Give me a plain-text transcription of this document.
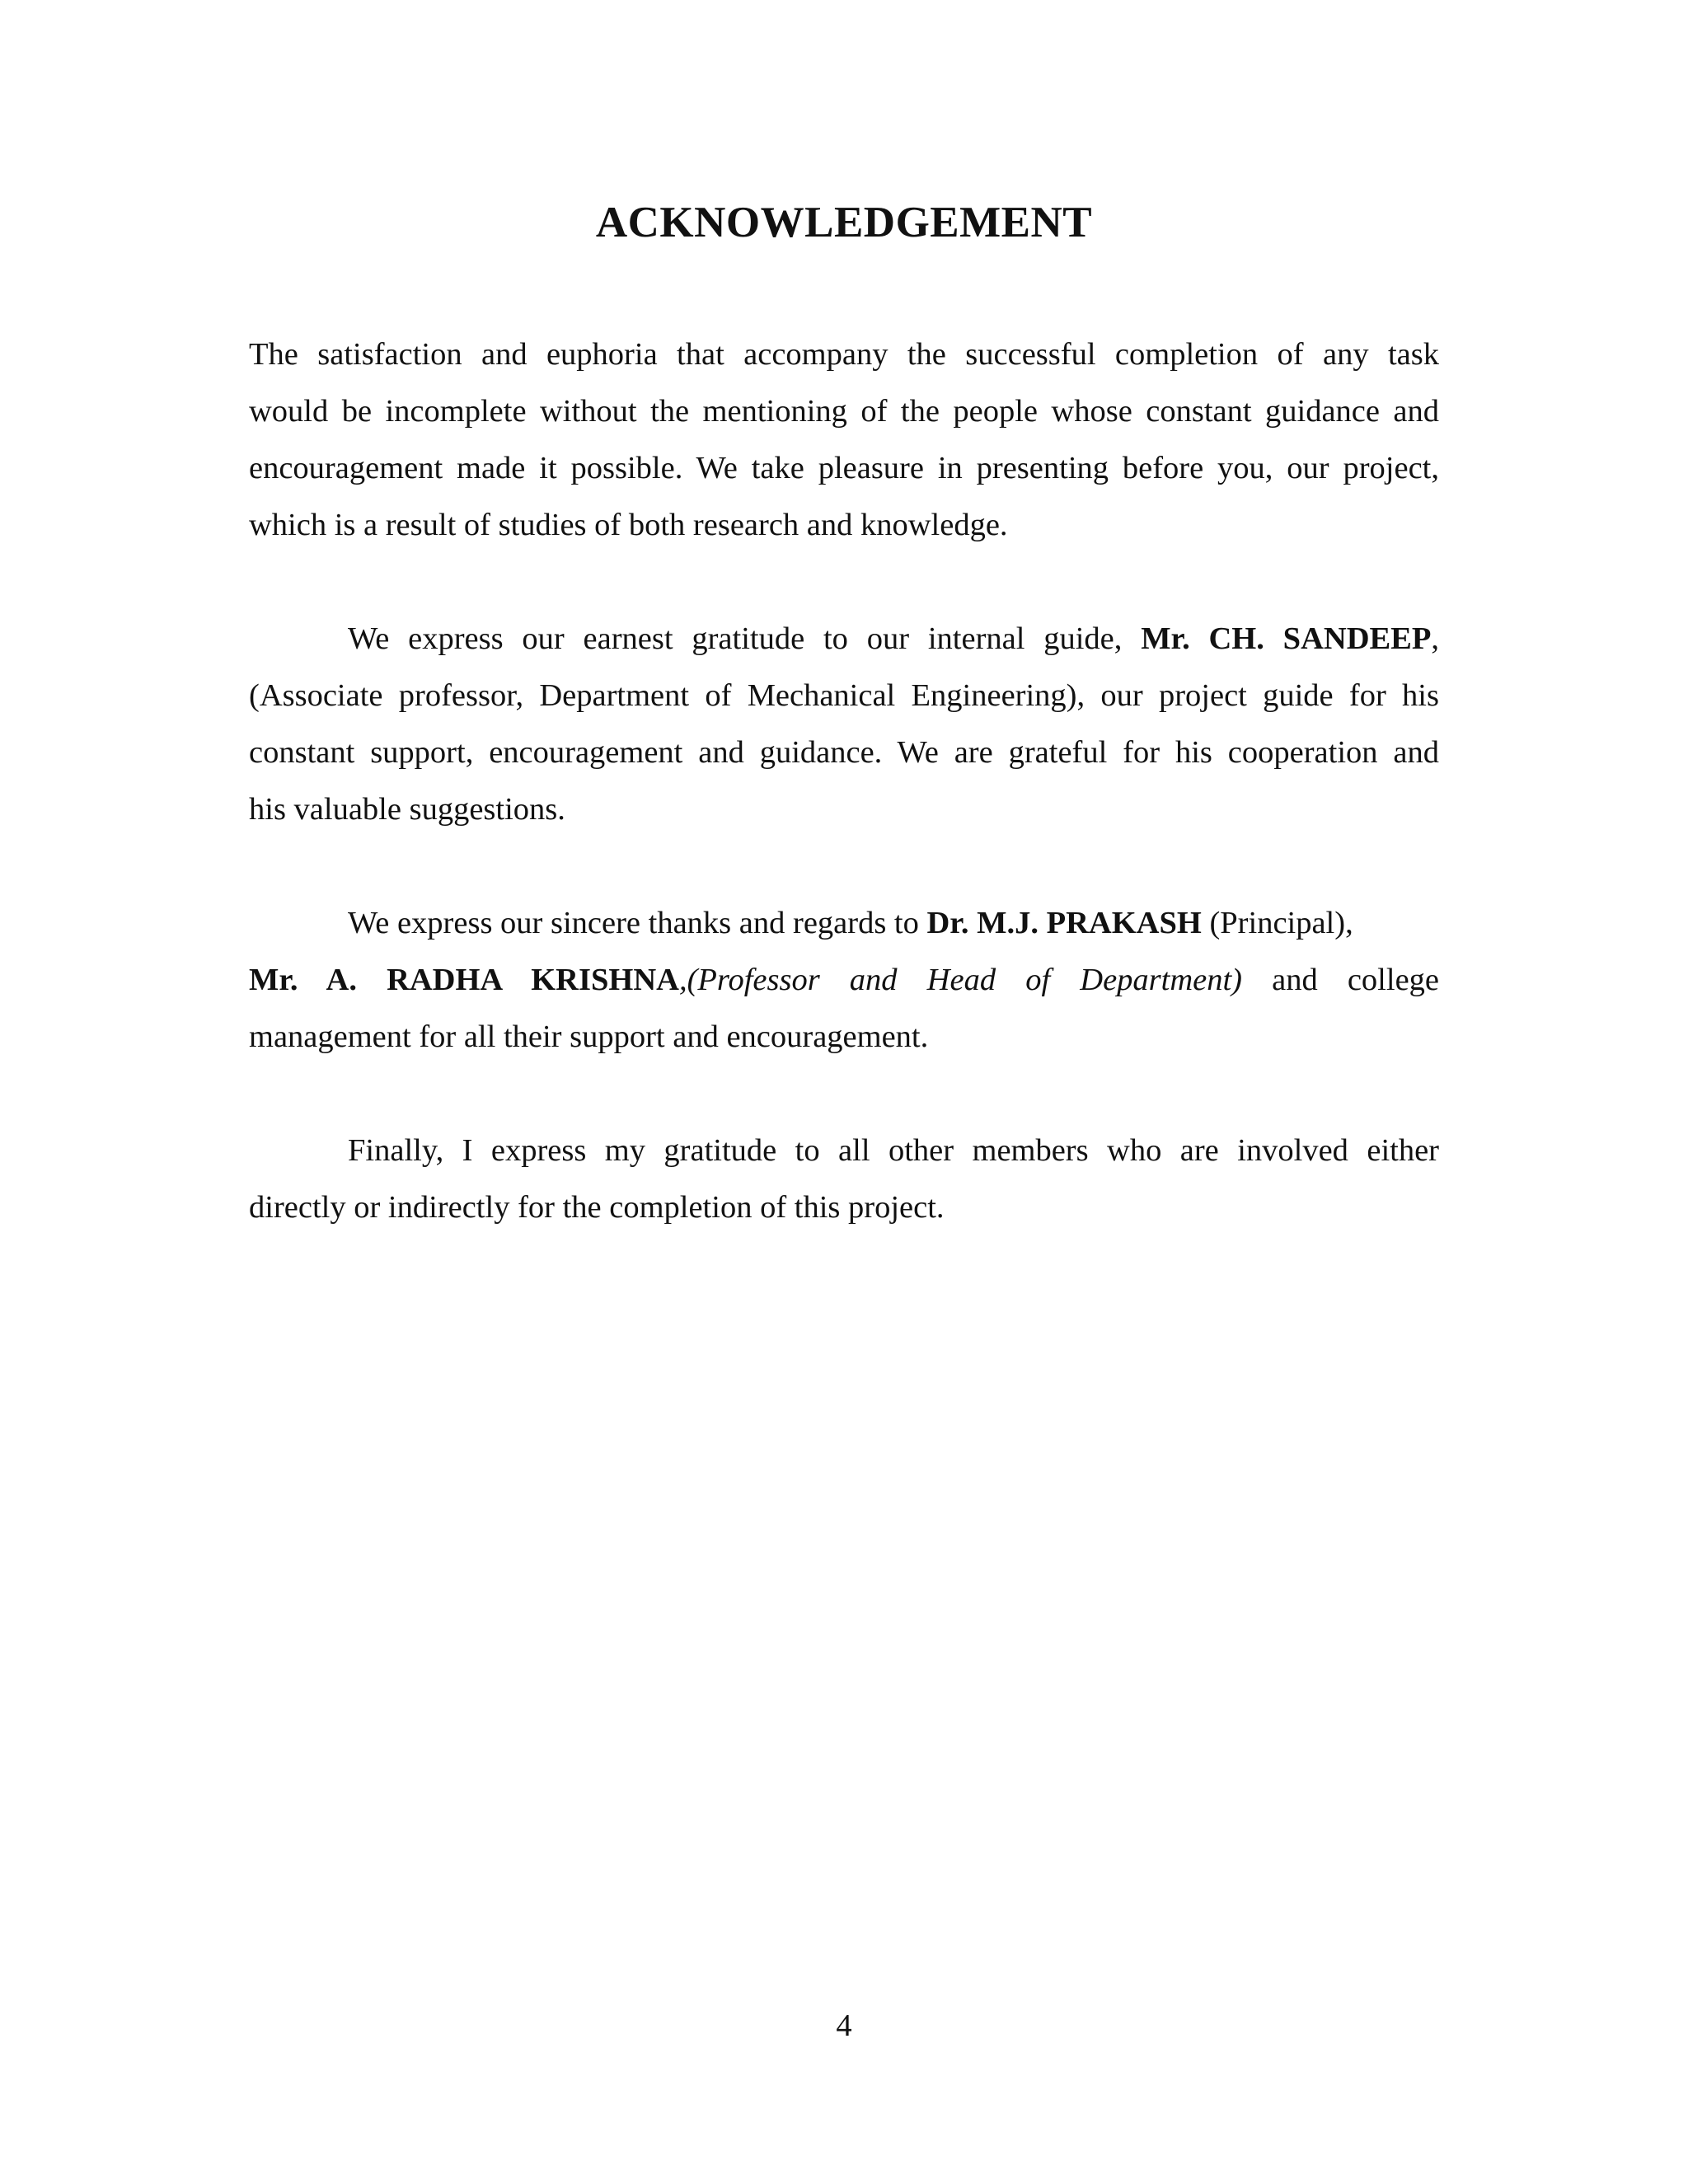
ACKNOWLEDGEMENT

The satisfaction and euphoria that accompany the successful completion of any task
would be incomplete without the mentioning of the people whose constant guidance and
encouragement made it possible. We take pleasure in presenting before you, our project,
which is a result of studies of both research and knowledge.

We express our earnest gratitude to our internal guide, Mr. CH. SANDEEP,
(Associate professor, Department of Mechanical Engineering), our project guide for his
constant support, encouragement and guidance. We are grateful for his cooperation and
his valuable suggestions.

We express our sincere thanks and regards to Dr. M.J. PRAKASH (Principal),
Mr. A. RADHA KRISHNA,(Professor and Head of Department) and college
management for all their support and encouragement.

Finally, I express my gratitude to all other members who are involved either
directly or indirectly for the completion of this project.

4
